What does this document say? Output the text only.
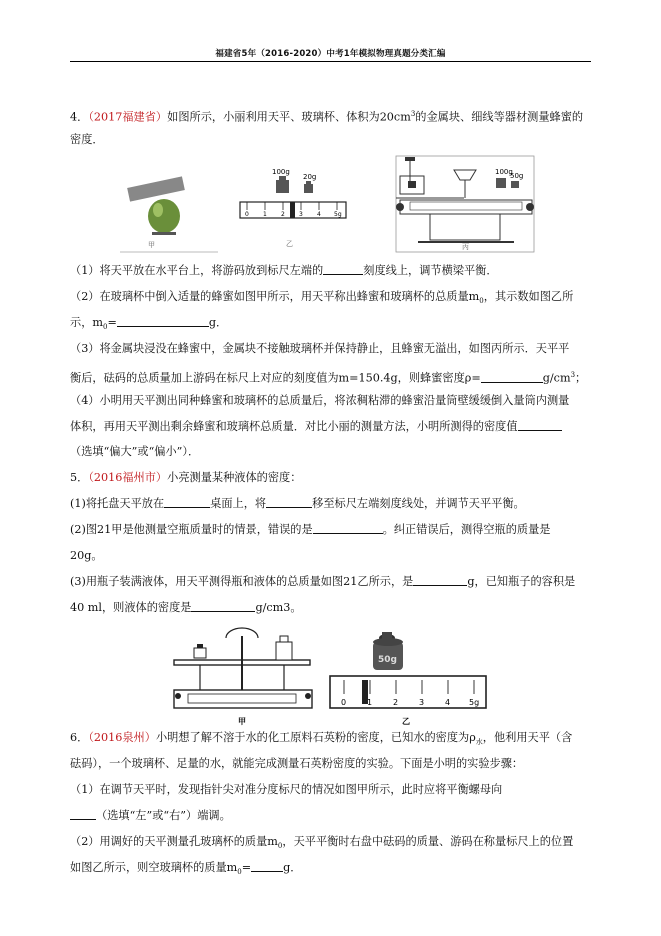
福建省5年（2016-2020）中考1年模拟物理真题分类汇编
4．（2017福建省）如图所示，小丽利用天平、玻璃杯、体积为$20cm^3$的金属块、细线等器材测量蜂蜜的
密度．
甲
100g
20g
0 1 2 3 4 5g
乙
100g
50g
丙
（1）将天平放在水平台上，将游码放到标尺左端的	刻度线上，调节横梁平衡．
（2）在玻璃杯中倒入适量的蜂蜜如图甲所示，用天平称出蜂蜜和玻璃杯的总质量$m_0$，其示数如图乙所
示，$m_0=$	g．
（3）将金属块浸没在蜂蜜中，金属块不接触玻璃杯并保持静止，且蜂蜜无溢出，如图丙所示．天平平
衡后，砝码的总质量加上游码在标尺上对应的刻度值为m=150.4g，则蜂蜜密度ρ=	$g/cm^3$；
（4）小明用天平测出同种蜂蜜和玻璃杯的总质量后，将浓稠粘滞的蜂蜜沿量筒壁缓缓倒入量筒内测量
体积，再用天平测出剩余蜂蜜和玻璃杯总质量．对比小丽的测量方法，小明所测得的密度值
（选填“偏大”或“偏小”）．
5．（2016福州市）小亮测量某种液体的密度：
(1)将托盘天平放在	桌面上，将	移至标尺左端刻度线处，并调节天平平衡。
(2)图21甲是他测量空瓶质量时的情景，错误的是	。纠正错误后，测得空瓶的质量是
20g。
(3)用瓶子装满液体，用天平测得瓶和液体的总质量如图21乙所示，是	g，已知瓶子的容积是
40 ml，则液体的密度是	g/cm3。
甲
50g
0	1	2	3	4 5g
乙
6．（2016泉州）小明想了解不溶于水的化工原料石英粉的密度，已知水的密度为$\rho_水$，他利用天平（含
砝码），一个玻璃杯、足量的水，就能完成测量石英粉密度的实验。下面是小明的实验步骤：
（1）在调节天平时，发现指针尖对准分度标尺的情况如图甲所示，此时应将平衡螺母向
（选填“左”或“右”）端调。
（2）用调好的天平测量孔玻璃杯的质量$m_0$，天平平衡时右盘中砝码的质量、游码在称量标尺上的位置
如图乙所示，则空玻璃杯的质量$m_0=$	g．
